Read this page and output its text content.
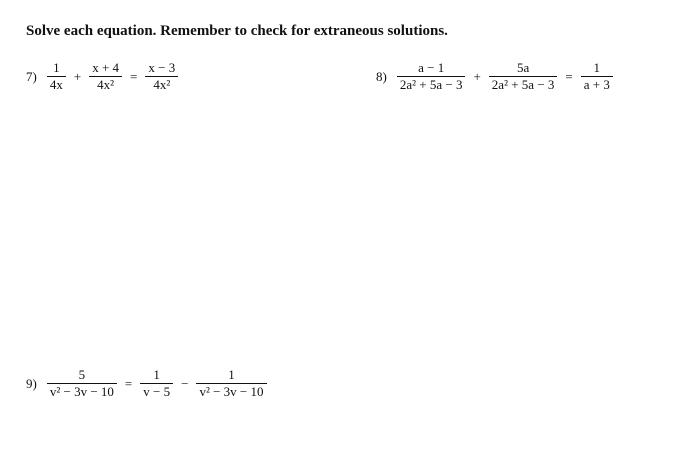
Solve each equation. Remember to check for extraneous solutions.
$7) \frac{1}{4x} + \frac{x + 4}{\text{4x²}} = \frac{x - 3}{\text{4x²}}$	$8) \frac{a - 1}{\text{2a² + 5a − 3}} + \frac{5a}{\text{2a² + 5a − 3}} = \frac{1}{a + 3}$
$9) \frac{5}{\text{v² − 3v − 10}} = \frac{1}{v - 5} - \frac{1}{\text{v² − 3v − 10}}$
